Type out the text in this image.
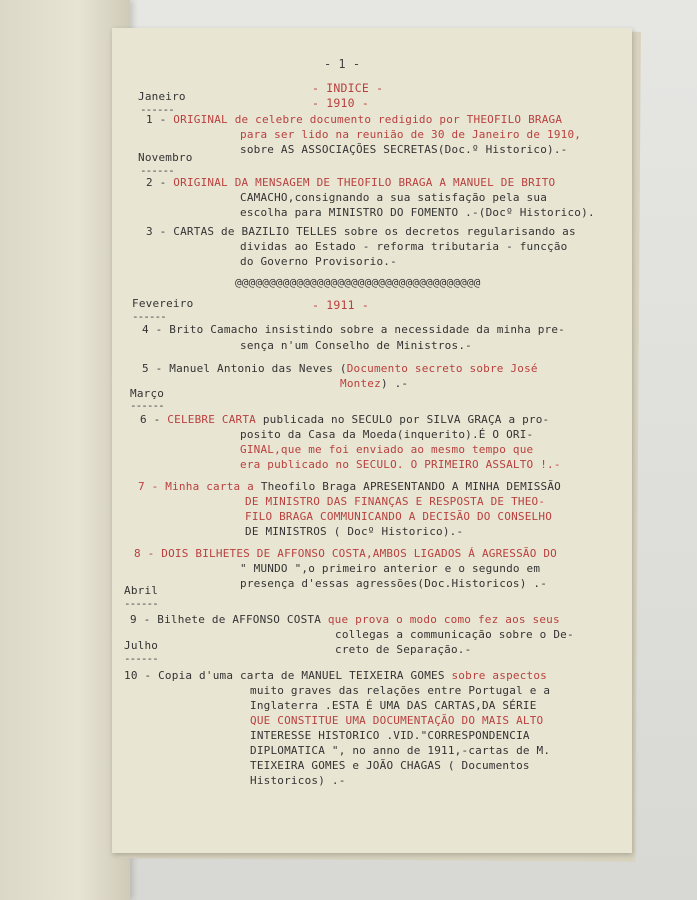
- 1 -
- INDICE -
- 1910 -
Janeiro
------
1 - ORIGINAL de celebre documento redigido por THEOFILO BRAGA
para ser lido na reunião de 30 de Janeiro de 1910,
sobre AS ASSOCIAÇÕES SECRETAS(Doc.º Historico).-
Novembro
------
2 - ORIGINAL DA MENSAGEM DE THEOFILO BRAGA A MANUEL DE BRITO
CAMACHO,consignando a sua satisfação pela sua
escolha para MINISTRO DO FOMENTO .-(Docº Historico).
3 - CARTAS de BAZILIO TELLES sobre os decretos regularisando as
dividas ao Estado - reforma tributaria - funcção
do Governo Provisorio.-
@@@@@@@@@@@@@@@@@@@@@@@@@@@@@@@@@@@@
Fevereiro	- 1911 -
------
4 - Brito Camacho insistindo sobre a necessidade da minha pre-
sença n'um Conselho de Ministros.-
5 - Manuel Antonio das Neves (Documento secreto sobre José
Montez) .-
Março
------
6 - CELEBRE CARTA publicada no SECULO por SILVA GRAÇA a pro-
posito da Casa da Moeda(inquerito).É O ORI-
GINAL,que me foi enviado ao mesmo tempo que
era publicado no SECULO. O PRIMEIRO ASSALTO !.-
7 - Minha carta a Theofilo Braga APRESENTANDO A MINHA DEMISSÃO
DE MINISTRO DAS FINANÇAS E RESPOSTA DE THEO-
FILO BRAGA COMMUNICANDO A DECISÃO DO CONSELHO
DE MINISTROS ( Docº Historico).-
8 - DOIS BILHETES DE AFFONSO COSTA,AMBOS LIGADOS Á AGRESSÃO DO
" MUNDO ",o primeiro anterior e o segundo em
presença d'essas agressões(Doc.Historicos) .-
Abril
------
9 - Bilhete de AFFONSO COSTA que prova o modo como fez aos seus
collegas a communicação sobre o De-
creto de Separação.-
Julho
------
10 - Copia d'uma carta de MANUEL TEIXEIRA GOMES sobre aspectos
muito graves das relações entre Portugal e a
Inglaterra .ESTA É UMA DAS CARTAS,DA SÉRIE
QUE CONSTITUE UMA DOCUMENTAÇÃO DO MAIS ALTO
INTERESSE HISTORICO .VID."CORRESPONDENCIA
DIPLOMATICA ", no anno de 1911,-cartas de M.
TEIXEIRA GOMES e JOÃO CHAGAS ( Documentos
Historicos) .-
